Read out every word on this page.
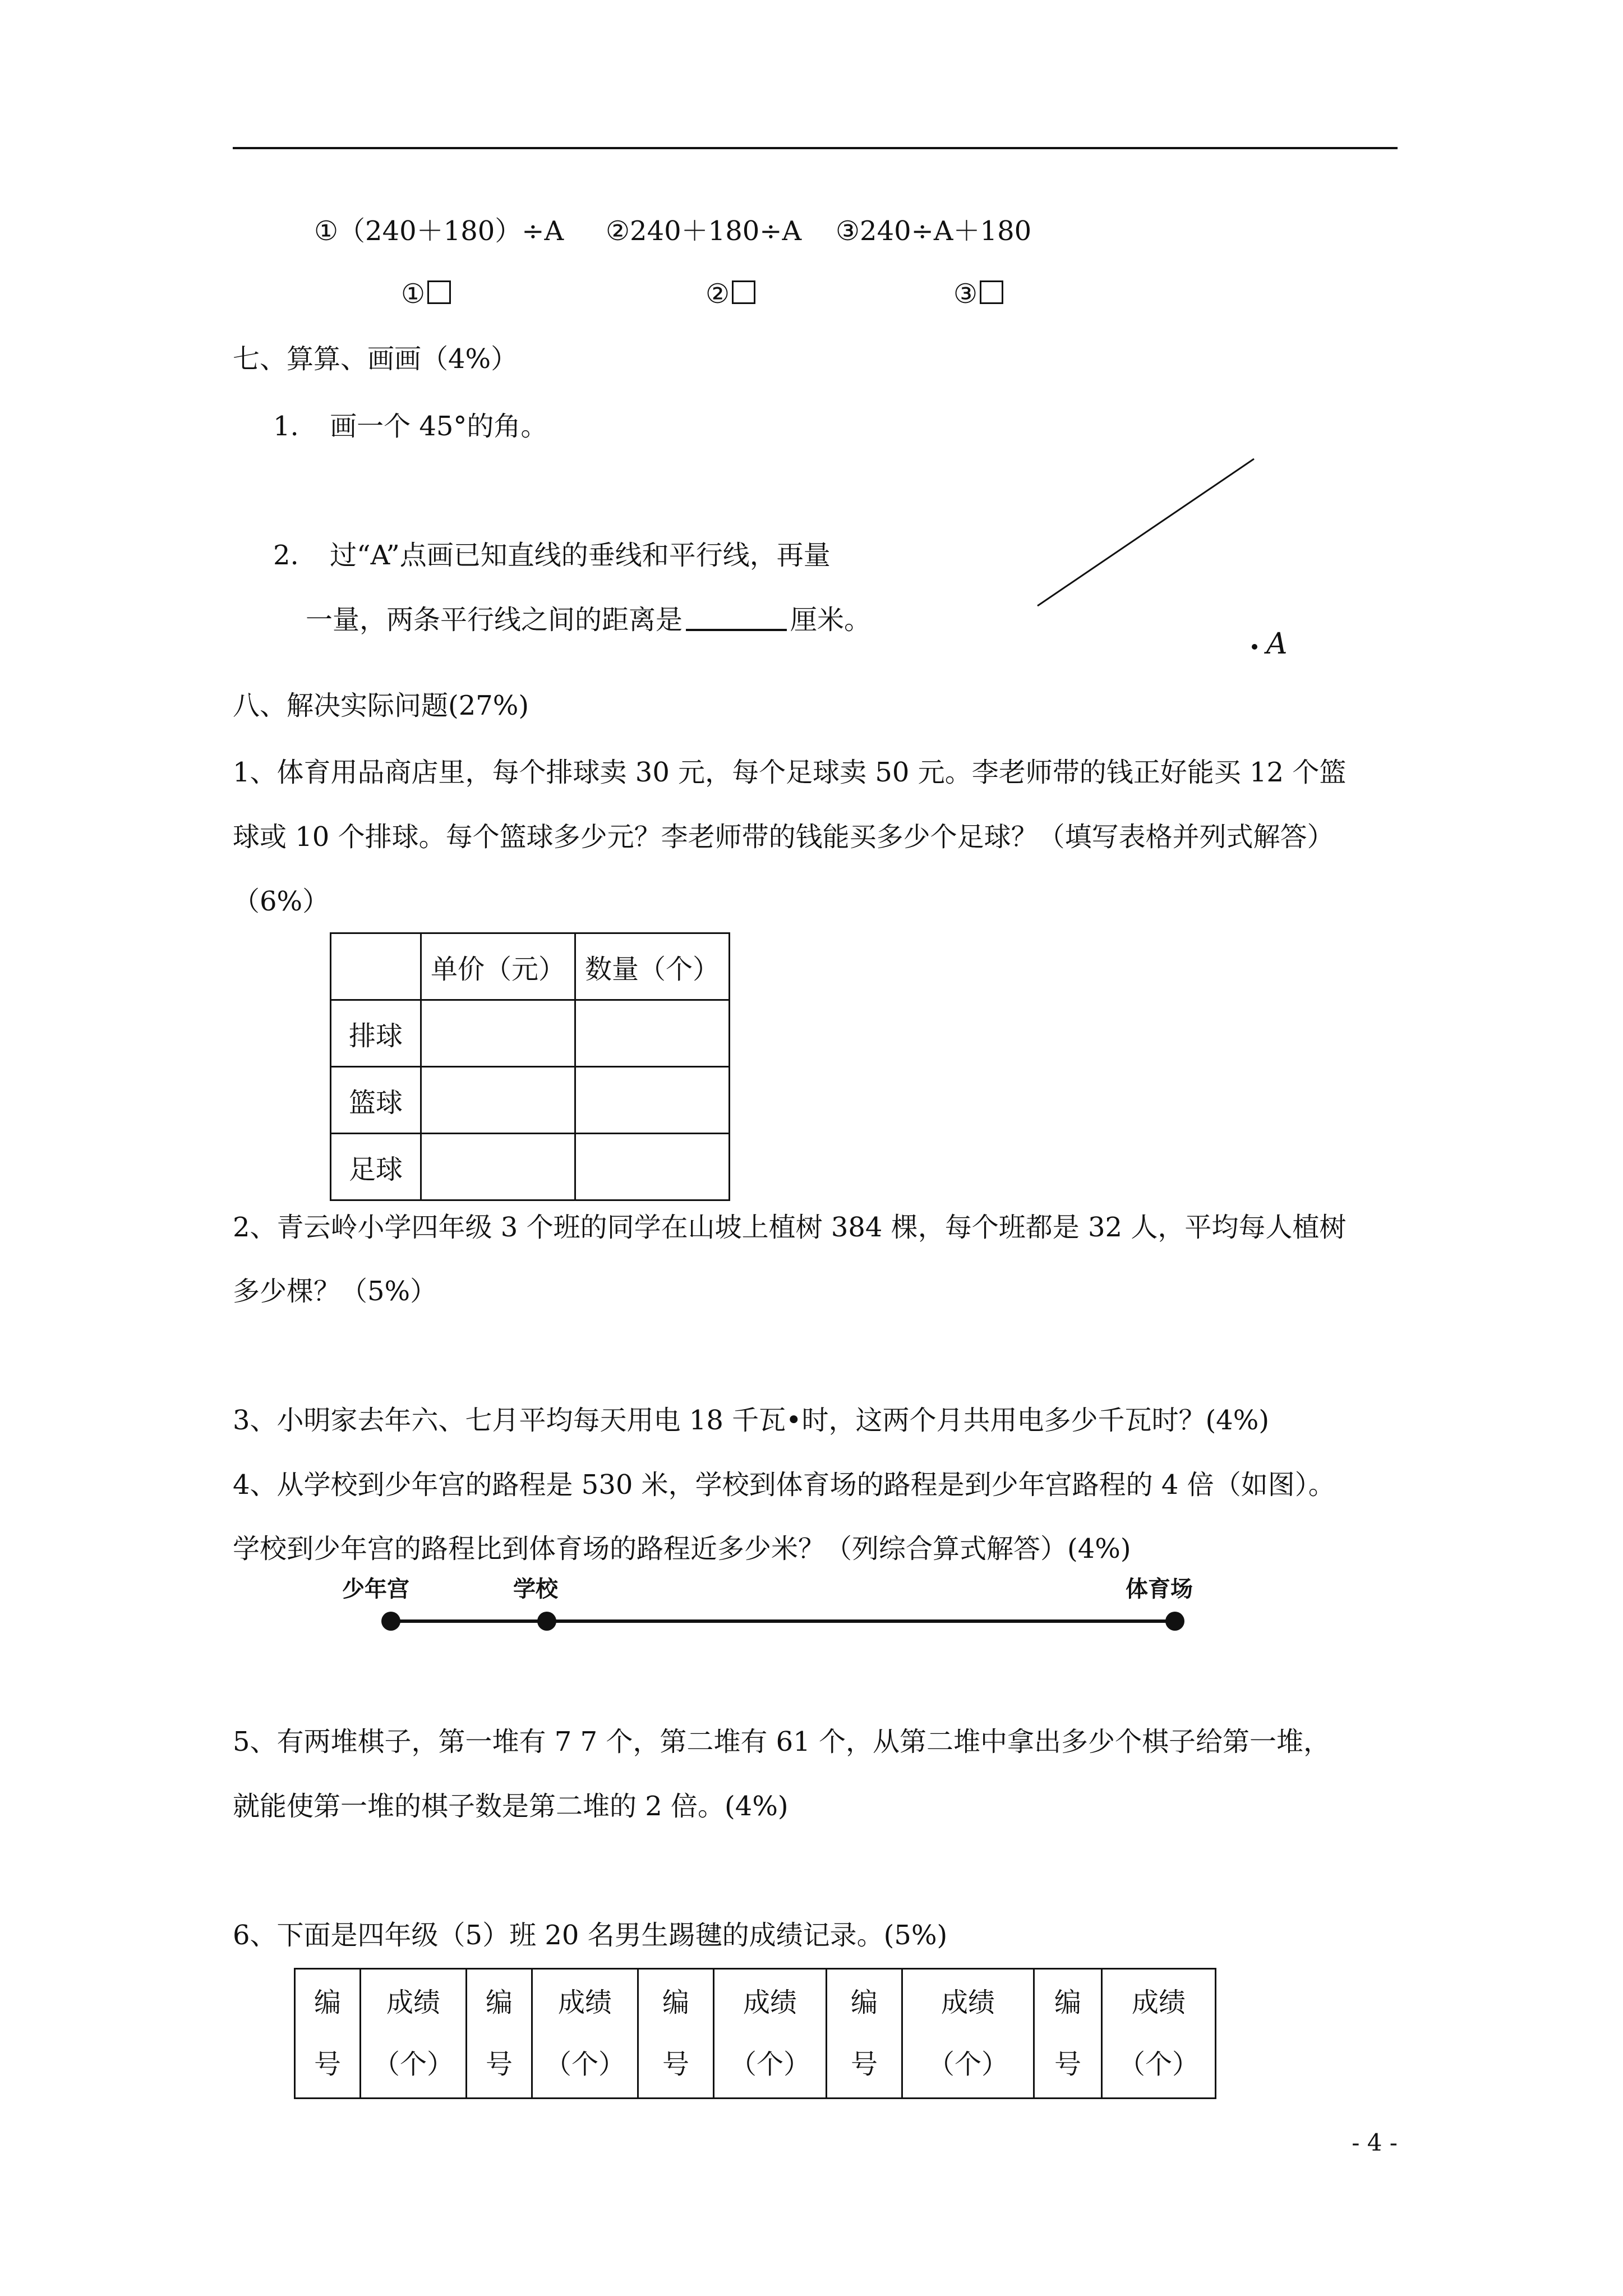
①（240＋180）÷A ②240＋180÷A ③240÷A＋180
①	②	③
七、算算、画画（4%）
1. 画一个 45°的角。
2. 过“A”点画已知直线的垂线和平行线，再量
一量，两条平行线之间的距离是	厘米。
A
八、解决实际问题(27%)
1、体育用品商店里，每个排球卖 30 元，每个足球卖 50 元。李老师带的钱正好能买 12 个篮
球或 10 个排球。每个篮球多少元？李老师带的钱能买多少个足球？（填写表格并列式解答）
（6%）
	单价（元）	数量（个）
排球		
篮球		
足球		
2、青云岭小学四年级 3 个班的同学在山坡上植树 384 棵，每个班都是 32 人，平均每人植树
多少棵？（5%）
3、小明家去年六、七月平均每天用电 18 千瓦•时，这两个月共用电多少千瓦时？(4%)
4、从学校到少年宫的路程是 530 米，学校到体育场的路程是到少年宫路程的 4 倍（如图）。
学校到少年宫的路程比到体育场的路程近多少米？（列综合算式解答）(4%)
少年宫	学校	体育场
5、有两堆棋子，第一堆有 7 7 个，第二堆有 61 个，从第二堆中拿出多少个棋子给第一堆，
就能使第一堆的棋子数是第二堆的 2 倍。(4%)
6、下面是四年级（5）班 20 名男生踢毽的成绩记录。(5%)
编
号

成绩
（个）

编
号

成绩
（个）

编
号

成绩
（个）

编
号

成绩
（个）

编
号

成绩
（个）
- 4 -
